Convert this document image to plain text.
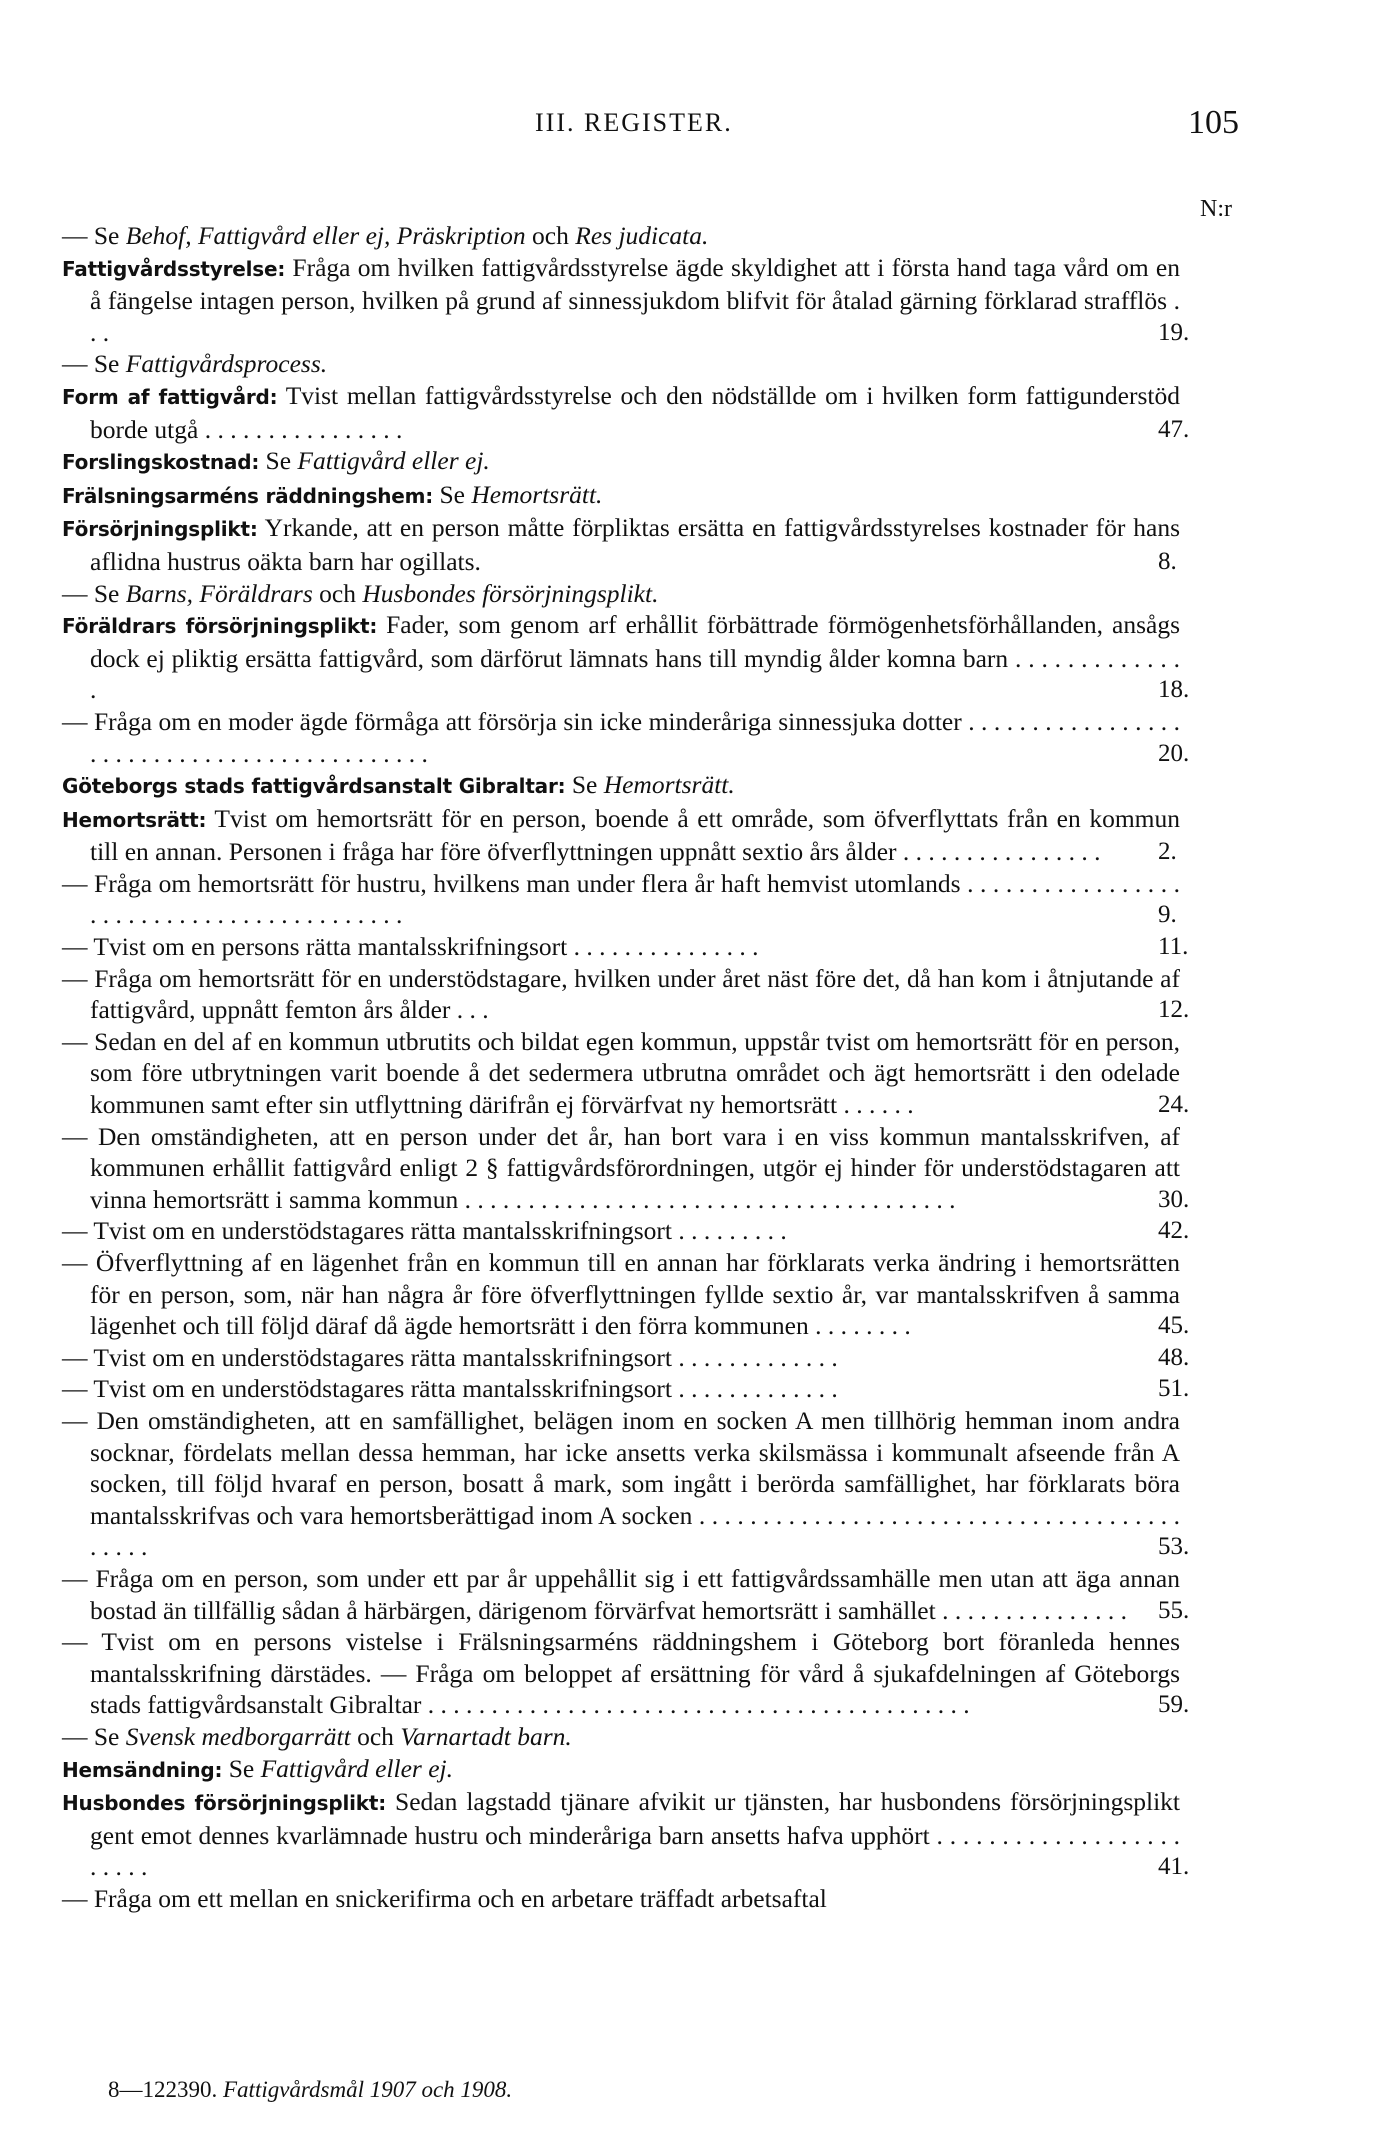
III. REGISTER.	105
N:r
— Se Behof, Fattigvård eller ej, Präskription och Res judicata.
Fattigvårdsstyrelse: Fråga om hvilken fattigvårdsstyrelse ägde skyldighet att i första hand taga vård om en å fängelse intagen person, hvilken på grund af sinnessjukdom blifvit för åtalad gärning förklarad strafflös . . .	19.
— Se Fattigvårdsprocess.
Form af fattigvård: Tvist mellan fattigvårdsstyrelse och den nödställde om i hvilken form fattigunderstöd borde utgå . . . . . . . . . . . . . . . .	47.
Forslingskostnad: Se Fattigvård eller ej.
Frälsningsarméns räddningshem: Se Hemortsrätt.
Försörjningsplikt: Yrkande, att en person måtte förpliktas ersätta en fattigvårdsstyrelses kostnader för hans aflidna hustrus oäkta barn har ogillats.	8.
— Se Barns, Föräldrars och Husbondes försörjningsplikt.
Föräldrars försörjningsplikt: Fader, som genom arf erhållit förbättrade förmögenhetsförhållanden, ansågs dock ej pliktig ersätta fattigvård, som därförut lämnats hans till myndig ålder komna barn . . . . . . . . . . . . . .	18.
— Fråga om en moder ägde förmåga att försörja sin icke minderåriga sinnessjuka dotter . . . . . . . . . . . . . . . . . . . . . . . . . . . . . . . . . . . . . . . . . . . .	20.
Göteborgs stads fattigvårdsanstalt Gibraltar: Se Hemortsrätt.
Hemortsrätt: Tvist om hemortsrätt för en person, boende å ett område, som öfverflyttats från en kommun till en annan. Personen i fråga har före öfverflyttningen uppnått sextio års ålder . . . . . . . . . . . . . . . . 2.
— Fråga om hemortsrätt för hustru, hvilkens man under flera år haft hemvist utomlands . . . . . . . . . . . . . . . . . . . . . . . . . . . . . . . . . . . . . . . . . .	9.
— Tvist om en persons rätta mantalsskrifningsort . . . . . . . . . . . . . . .	11.
— Fråga om hemortsrätt för en understödstagare, hvilken under året näst före det, då han kom i åtnjutande af fattigvård, uppnått femton års ålder . . .	12.
— Sedan en del af en kommun utbrutits och bildat egen kommun, uppstår tvist om hemortsrätt för en person, som före utbrytningen varit boende å det sedermera utbrutna området och ägt hemortsrätt i den odelade kommunen samt efter sin utflyttning därifrån ej förvärfvat ny hemortsrätt . . . . . .	24.
— Den omständigheten, att en person under det år, han bort vara i en viss kommun mantalsskrifven, af kommunen erhållit fattigvård enligt 2 § fattigvårdsförordningen, utgör ej hinder för understödstagaren att vinna hemortsrätt i samma kommun . . . . . . . . . . . . . . . . . . . . . . . . . . . . . . . . . . . . . . .	30.
— Tvist om en understödstagares rätta mantalsskrifningsort . . . . . . . . .	42.
— Öfverflyttning af en lägenhet från en kommun till en annan har förklarats verka ändring i hemortsrätten för en person, som, när han några år före öfverflyttningen fyllde sextio år, var mantalsskrifven å samma lägenhet och till följd däraf då ägde hemortsrätt i den förra kommunen . . . . . . . .	45.
— Tvist om en understödstagares rätta mantalsskrifningsort . . . . . . . . . . . . .	48.
— Tvist om en understödstagares rätta mantalsskrifningsort . . . . . . . . . . . . .	51.
— Den omständigheten, att en samfällighet, belägen inom en socken A men tillhörig hemman inom andra socknar, fördelats mellan dessa hemman, har icke ansetts verka skilsmässa i kommunalt afseende från A socken, till följd hvaraf en person, bosatt å mark, som ingått i berörda samfällighet, har förklarats böra mantalsskrifvas och vara hemortsberättigad inom A socken . . . . . . . . . . . . . . . . . . . . . . . . . . . . . . . . . . . . . . . . . . .	53.
— Fråga om en person, som under ett par år uppehållit sig i ett fattigvårdssamhälle men utan att äga annan bostad än tillfällig sådan å härbärgen, därigenom förvärfvat hemortsrätt i samhället . . . . . . . . . . . . . . . 55.
— Tvist om en persons vistelse i Frälsningsarméns räddningshem i Göteborg bort föranleda hennes mantalsskrifning därstädes. — Fråga om beloppet af ersättning för vård å sjukafdelningen af Göteborgs stads fattigvårdsanstalt Gibraltar . . . . . . . . . . . . . . . . . . . . . . . . . . . . . . . . . . . . . . . . . . .	59.
— Se Svensk medborgarrätt och Varnartadt barn.
Hemsändning: Se Fattigvård eller ej.
Husbondes försörjningsplikt: Sedan lagstadd tjänare afvikit ur tjänsten, har husbondens försörjningsplikt gent emot dennes kvarlämnade hustru och minderåriga barn ansetts hafva upphört . . . . . . . . . . . . . . . . . . . . . . . .	41.
— Fråga om ett mellan en snickerifirma och en arbetare träffadt arbetsaftal
8—122390. Fattigvårdsmål 1907 och 1908.
